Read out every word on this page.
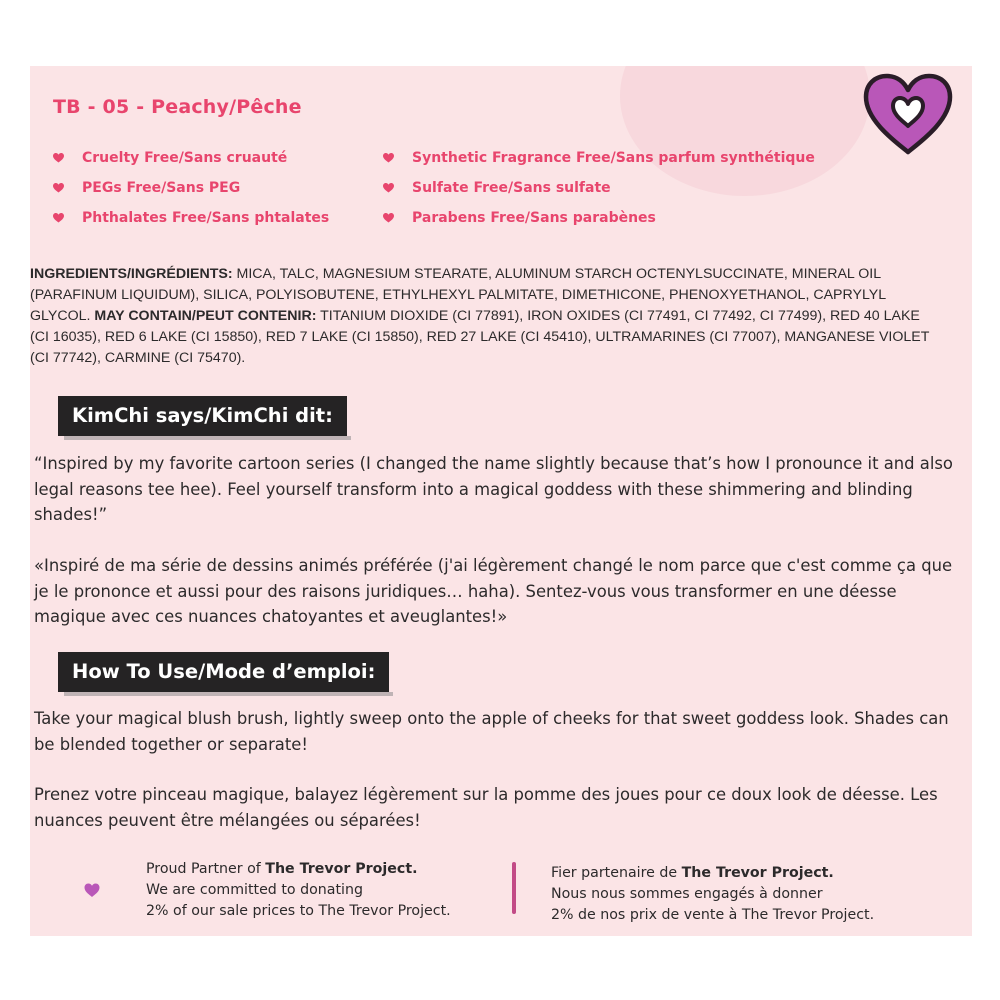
TB - 05 - Peachy/Pêche
Cruelty Free/Sans cruauté
PEGs Free/Sans PEG
Phthalates Free/Sans phtalates
Synthetic Fragrance Free/Sans parfum synthétique
Sulfate Free/Sans sulfate
Parabens Free/Sans parabènes
INGREDIENTS/INGRÉDIENTS: MICA, TALC, MAGNESIUM STEARATE, ALUMINUM STARCH OCTENYLSUCCINATE, MINERAL OIL (PARAFINUM LIQUIDUM), SILICA, POLYISOBUTENE, ETHYLHEXYL PALMITATE, DIMETHICONE, PHENOXYETHANOL, CAPRYLYL GLYCOL. MAY CONTAIN/PEUT CONTENIR: TITANIUM DIOXIDE (CI 77891), IRON OXIDES (CI 77491, CI 77492, CI 77499), RED 40 LAKE (CI 16035), RED 6 LAKE (CI 15850), RED 7 LAKE (CI 15850), RED 27 LAKE (CI 45410), ULTRAMARINES (CI 77007), MANGANESE VIOLET (CI 77742), CARMINE (CI 75470).
KimChi says/KimChi dit:
“Inspired by my favorite cartoon series (I changed the name slightly because that’s how I pronounce it and also legal reasons tee hee). Feel yourself transform into a magical goddess with these shimmering and blinding shades!”
«Inspiré de ma série de dessins animés préférée (j'ai légèrement changé le nom parce que c'est comme ça que je le prononce et aussi pour des raisons juridiques… haha). Sentez-vous vous transformer en une déesse magique avec ces nuances chatoyantes et aveuglantes!»
How To Use/Mode d’emploi:
Take your magical blush brush, lightly sweep onto the apple of cheeks for that sweet goddess look. Shades can be blended together or separate!
Prenez votre pinceau magique, balayez légèrement sur la pomme des joues pour ce doux look de déesse. Les nuances peuvent être mélangées ou séparées!
Proud Partner of The Trevor Project.
We are committed to donating
2% of our sale prices to The Trevor Project.
Fier partenaire de The Trevor Project.
Nous nous sommes engagés à donner
2% de nos prix de vente à The Trevor Project.
